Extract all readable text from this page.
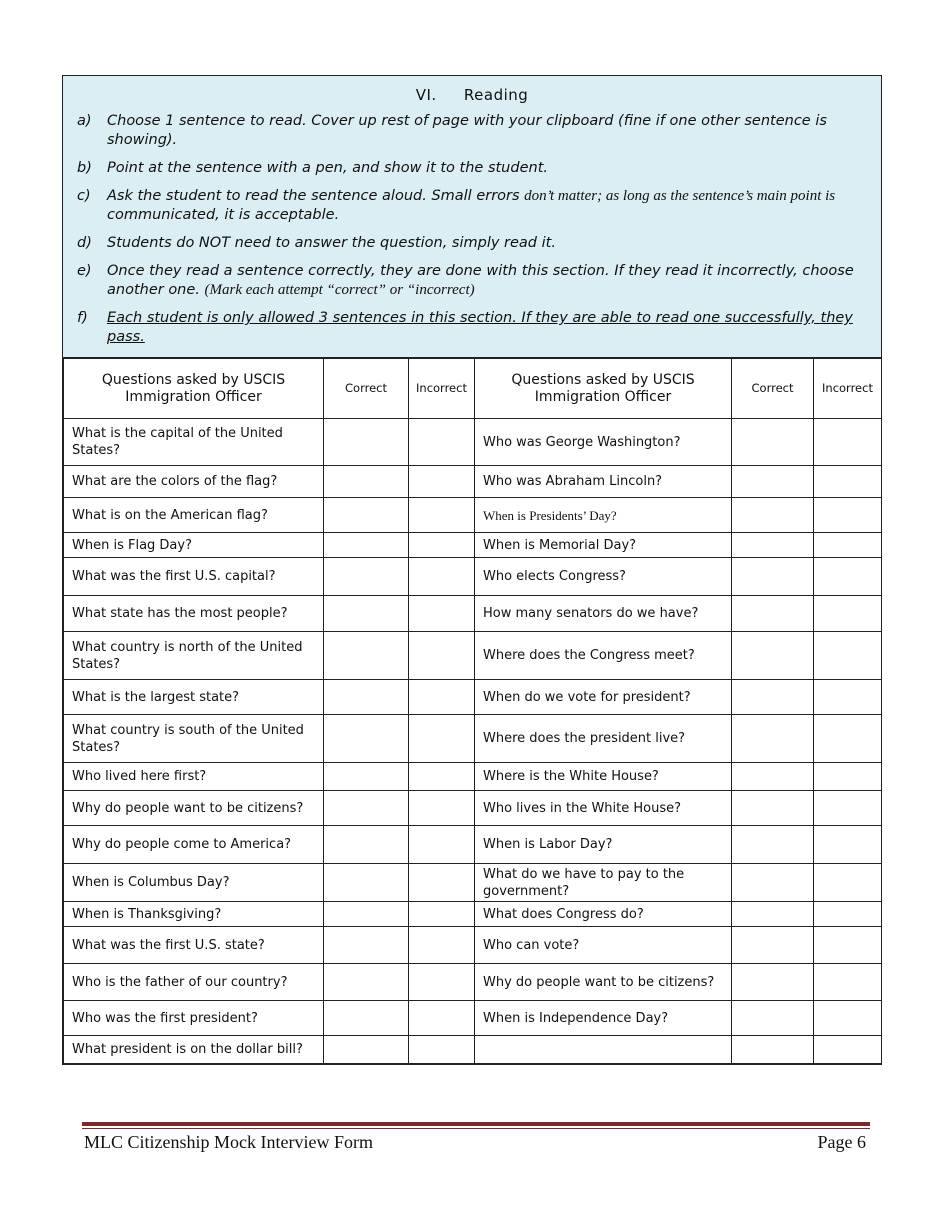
VI. Reading
a)	Choose 1 sentence to read. Cover up rest of page with your clipboard (fine if one other sentence is showing).
b)	Point at the sentence with a pen, and show it to the student.
c)	Ask the student to read the sentence aloud. Small errors don’t matter; as long as the sentence’s main point is communicated, it is acceptable.
d)	Students do NOT need to answer the question, simply read it.
e)	Once they read a sentence correctly, they are done with this section. If they read it incorrectly, choose another one. (Mark each attempt “correct” or “incorrect)
f)	Each student is only allowed 3 sentences in this section. If they are able to read one successfully, they pass.
Questions asked by USCIS Immigration Officer	Correct	Incorrect	Questions asked by USCIS Immigration Officer	Correct	Incorrect
What is the capital of the United States?			Who was George Washington?		
What are the colors of the flag?			Who was Abraham Lincoln?		
What is on the American flag?			When is Presidents’ Day?		
When is Flag Day?			When is Memorial Day?		
What was the first U.S. capital?			Who elects Congress?		
What state has the most people?			How many senators do we have?		
What country is north of the United States?			Where does the Congress meet?		
What is the largest state?			When do we vote for president?		
What country is south of the United States?			Where does the president live?		
Who lived here first?			Where is the White House?		
Why do people want to be citizens?			Who lives in the White House?		
Why do people come to America?			When is Labor Day?		
When is Columbus Day?			What do we have to pay to the government?		
When is Thanksgiving?			What does Congress do?		
What was the first U.S. state?			Who can vote?		
Who is the father of our country?			Why do people want to be citizens?		
Who was the first president?			When is Independence Day?		
What president is on the dollar bill?					
MLC Citizenship Mock Interview Form	Page 6
